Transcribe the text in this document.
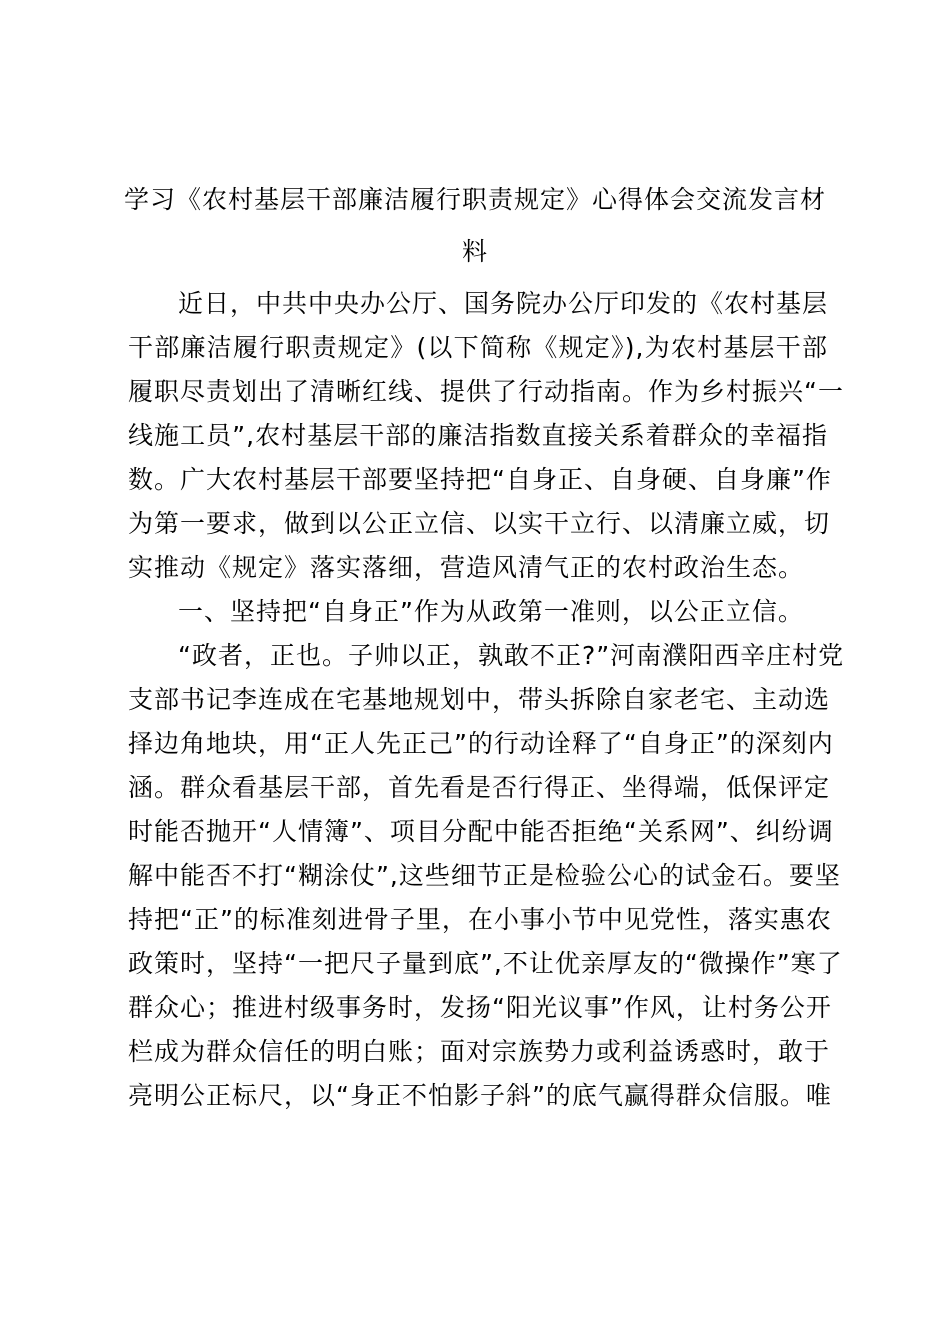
学习《农村基层干部廉洁履行职责规定》心得体会交流发言材
料
近日，中共中央办公厅、国务院办公厅印发的《农村基层
干部廉洁履行职责规定》(以下简称《规定》),为农村基层干部
履职尽责划出了清晰红线、提供了行动指南。作为乡村振兴“一
线施工员”,农村基层干部的廉洁指数直接关系着群众的幸福指
数。广大农村基层干部要坚持把“自身正、自身硬、自身廉”作
为第一要求，做到以公正立信、以实干立行、以清廉立威，切
实推动《规定》落实落细，营造风清气正的农村政治生态。
一、坚持把“自身正”作为从政第一准则，以公正立信。
“政者，正也。子帅以正，孰敢不正?”河南濮阳西辛庄村党
支部书记李连成在宅基地规划中，带头拆除自家老宅、主动选
择边角地块，用“正人先正己”的行动诠释了“自身正”的深刻内
涵。群众看基层干部，首先看是否行得正、坐得端，低保评定
时能否抛开“人情簿”、项目分配中能否拒绝“关系网”、纠纷调
解中能否不打“糊涂仗”,这些细节正是检验公心的试金石。要坚
持把“正”的标准刻进骨子里，在小事小节中见党性，落实惠农
政策时，坚持“一把尺子量到底”,不让优亲厚友的“微操作”寒了
群众心；推进村级事务时，发扬“阳光议事”作风，让村务公开
栏成为群众信任的明白账；面对宗族势力或利益诱惑时，敢于
亮明公正标尺，以“身正不怕影子斜”的底气赢得群众信服。唯
